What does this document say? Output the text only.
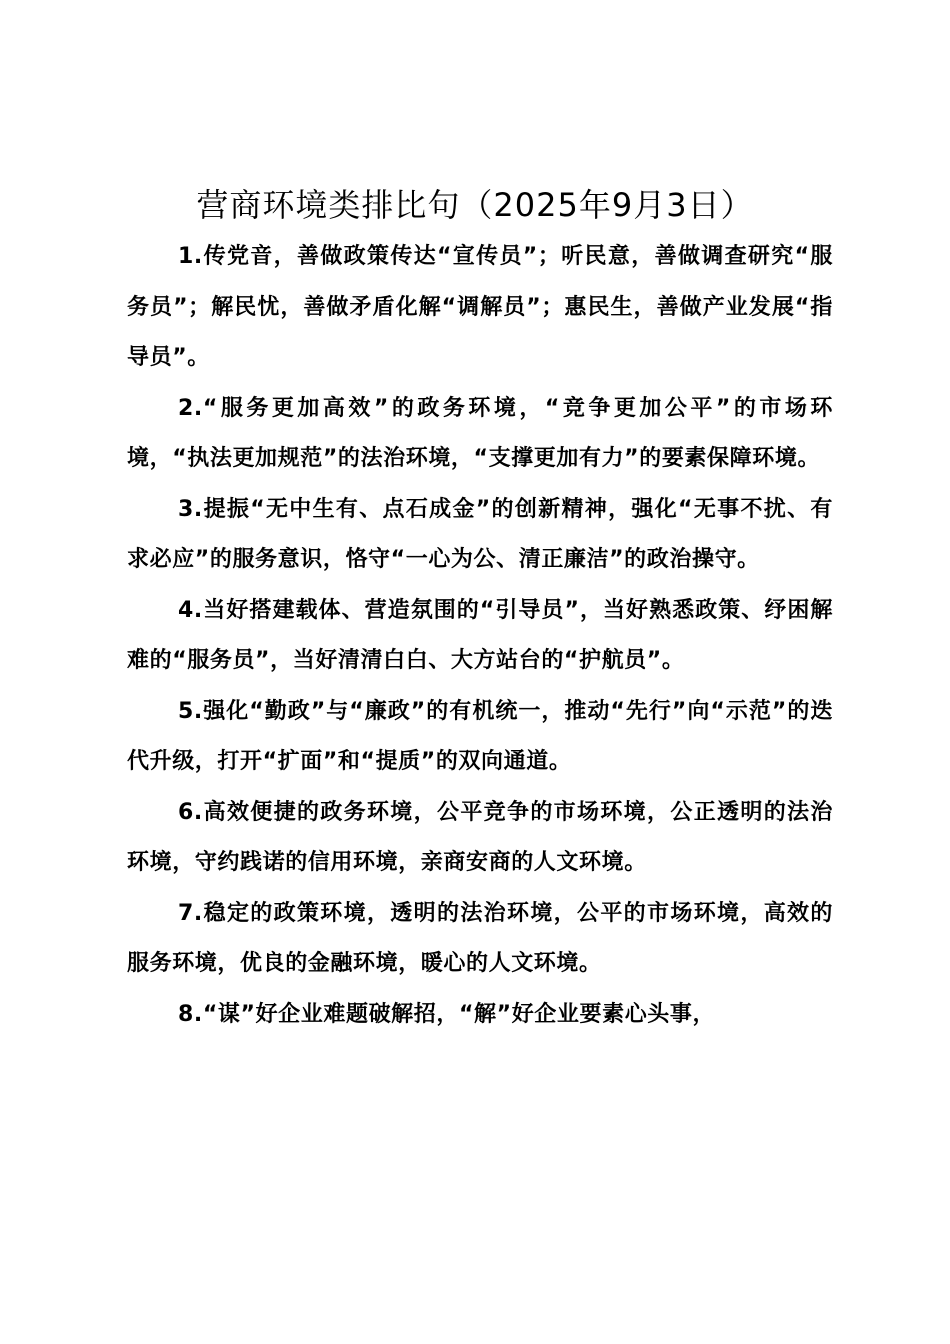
营商环境类排比句（2025年9月3日）

1.传党音，善做政策传达“宣传员”；听民意，善做调查研究“服务员”；解民忧，善做矛盾化解“调解员”；惠民生，善做产业发展“指导员”。

2.“服务更加高效”的政务环境，“竞争更加公平”的市场环境，“执法更加规范”的法治环境，“支撑更加有力”的要素保障环境。

3.提振“无中生有、点石成金”的创新精神，强化“无事不扰、有求必应”的服务意识，恪守“一心为公、清正廉洁”的政治操守。

4.当好搭建载体、营造氛围的“引导员”，当好熟悉政策、纾困解难的“服务员”，当好清清白白、大方站台的“护航员”。

5.强化“勤政”与“廉政”的有机统一，推动“先行”向“示范”的迭代升级，打开“扩面”和“提质”的双向通道。

6.高效便捷的政务环境，公平竞争的市场环境，公正透明的法治环境，守约践诺的信用环境，亲商安商的人文环境。

7.稳定的政策环境，透明的法治环境，公平的市场环境，高效的服务环境，优良的金融环境，暖心的人文环境。

8.“谋”好企业难题破解招，“解”好企业要素心头事，
